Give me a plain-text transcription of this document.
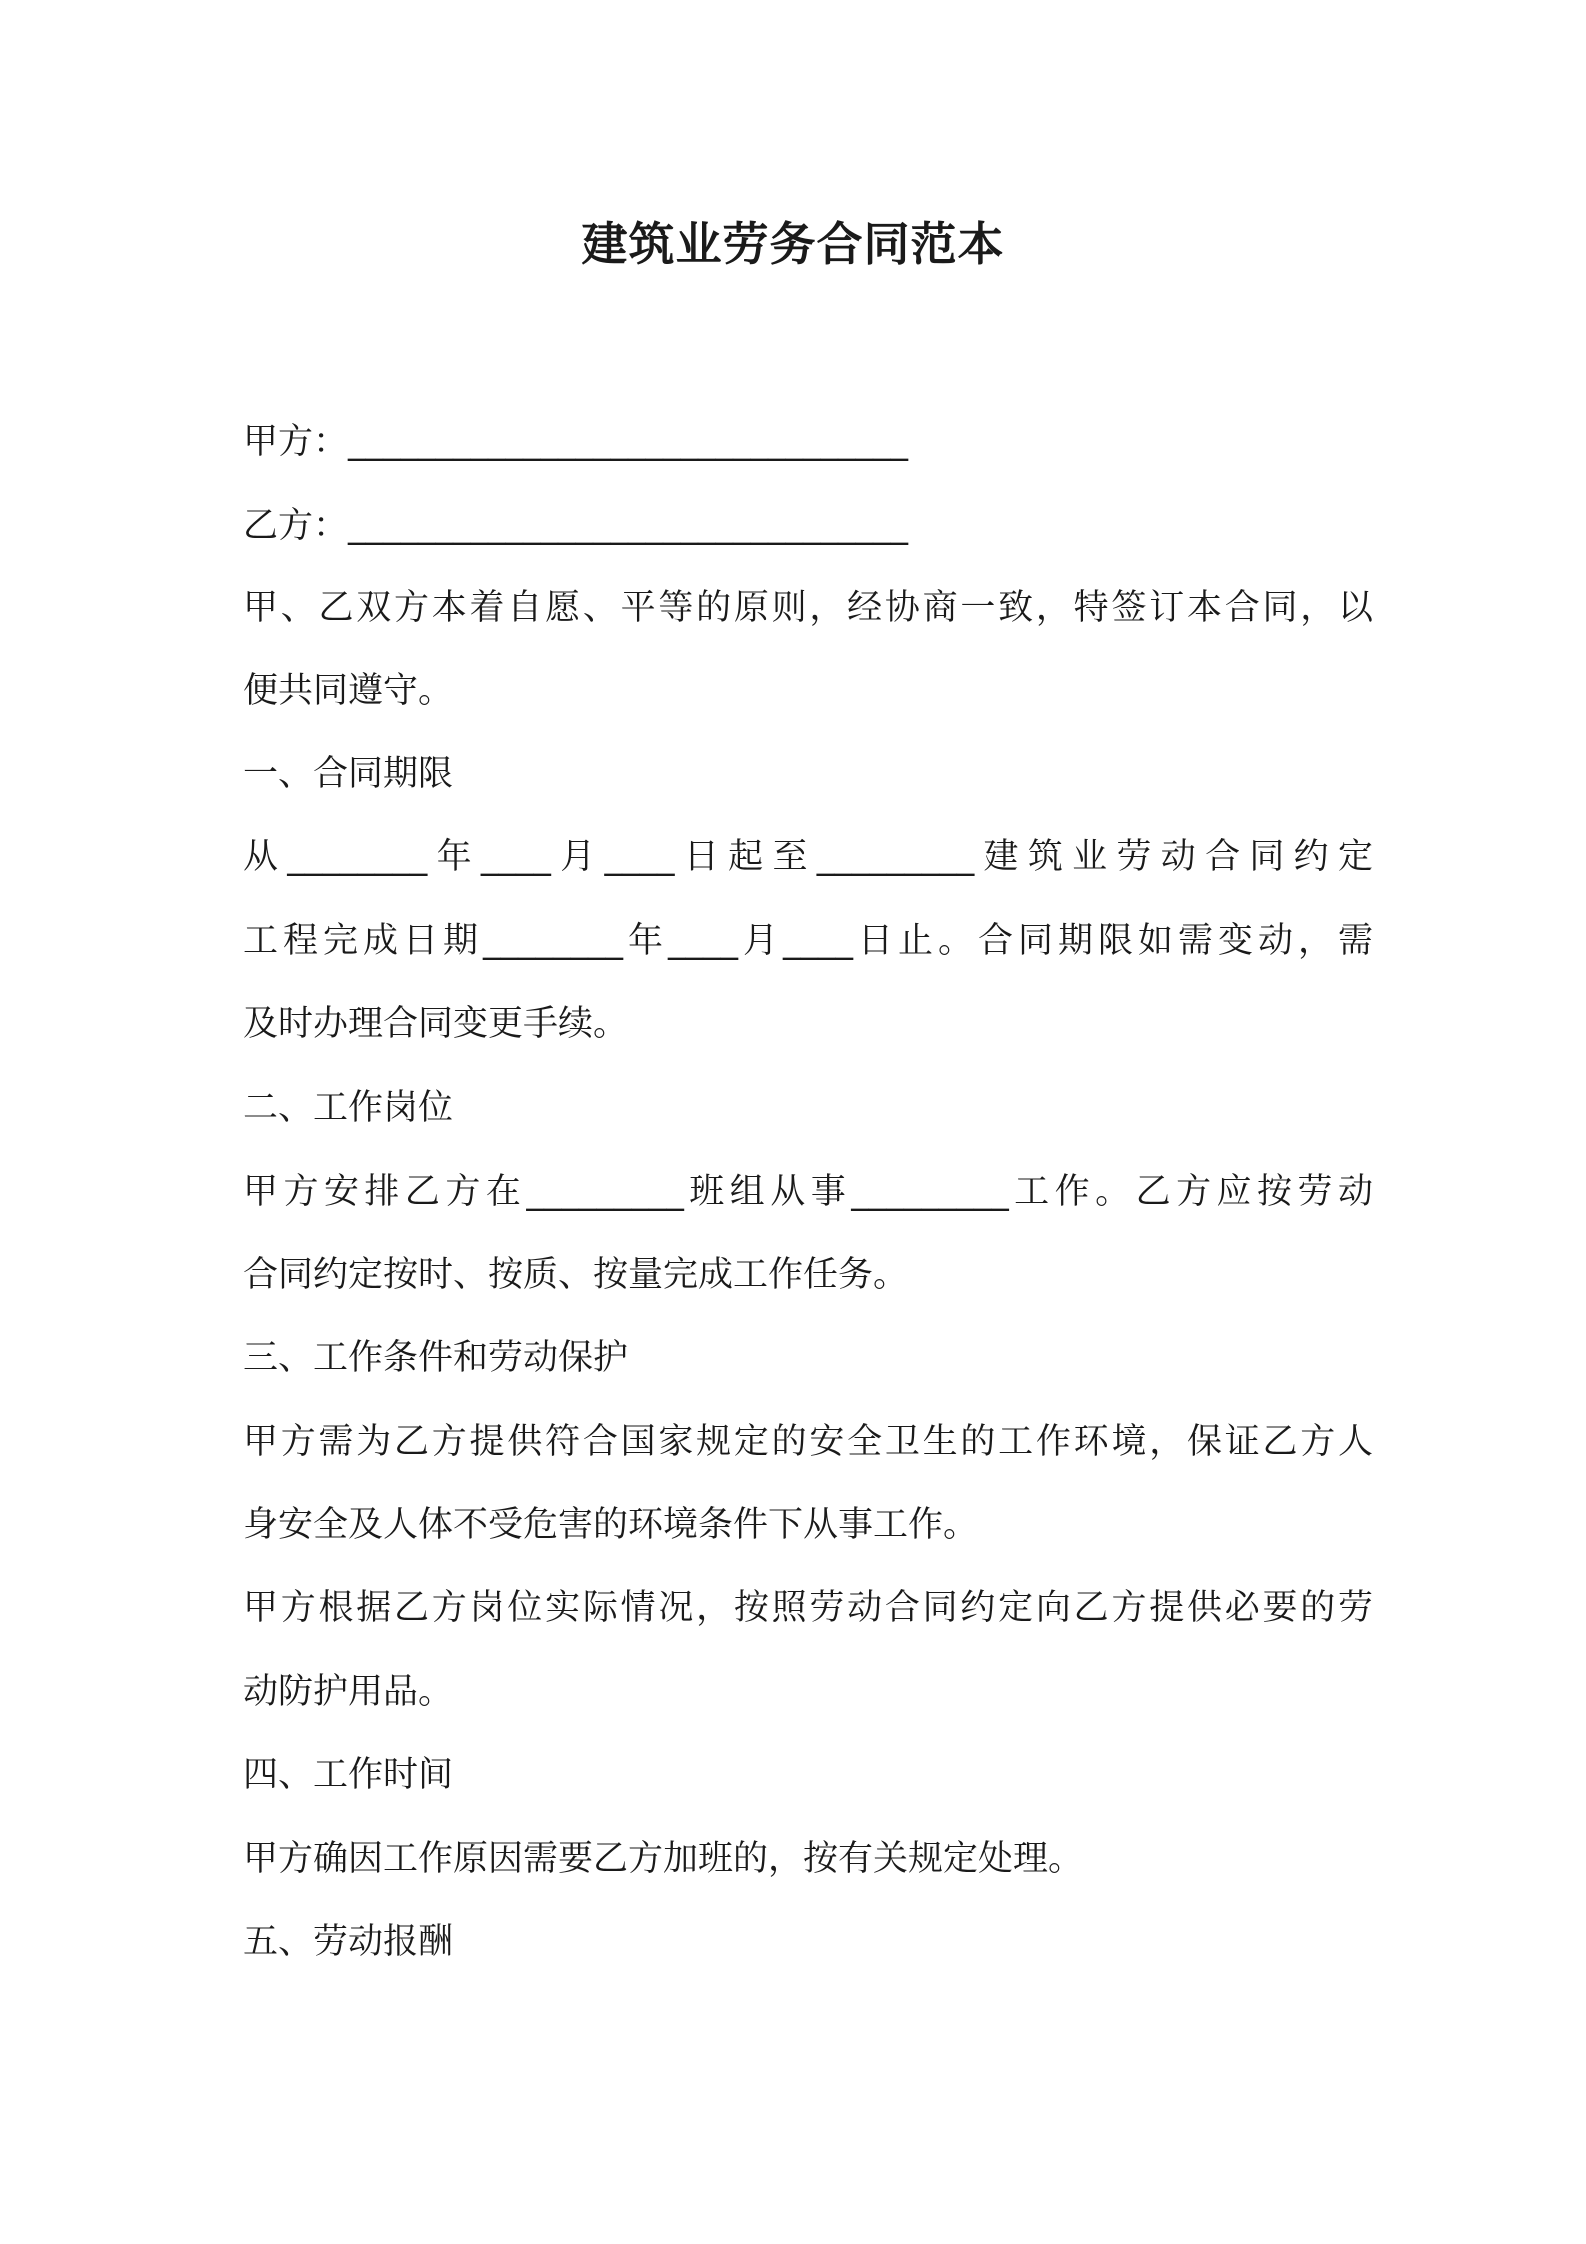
建筑业劳务合同范本
甲方：________________________________
乙方：________________________________
甲、乙双方本着自愿、平等的原则，经协商一致，特签订本合同，以
便共同遵守。
一、合同期限
从________年____月____日起至_________建筑业劳动合同约定
工程完成日期________年____月____日止。合同期限如需变动，需
及时办理合同变更手续。
二、工作岗位
甲方安排乙方在_________班组从事_________工作。乙方应按劳动
合同约定按时、按质、按量完成工作任务。
三、工作条件和劳动保护
甲方需为乙方提供符合国家规定的安全卫生的工作环境，保证乙方人
身安全及人体不受危害的环境条件下从事工作。
甲方根据乙方岗位实际情况，按照劳动合同约定向乙方提供必要的劳
动防护用品。
四、工作时间
甲方确因工作原因需要乙方加班的，按有关规定处理。
五、劳动报酬
